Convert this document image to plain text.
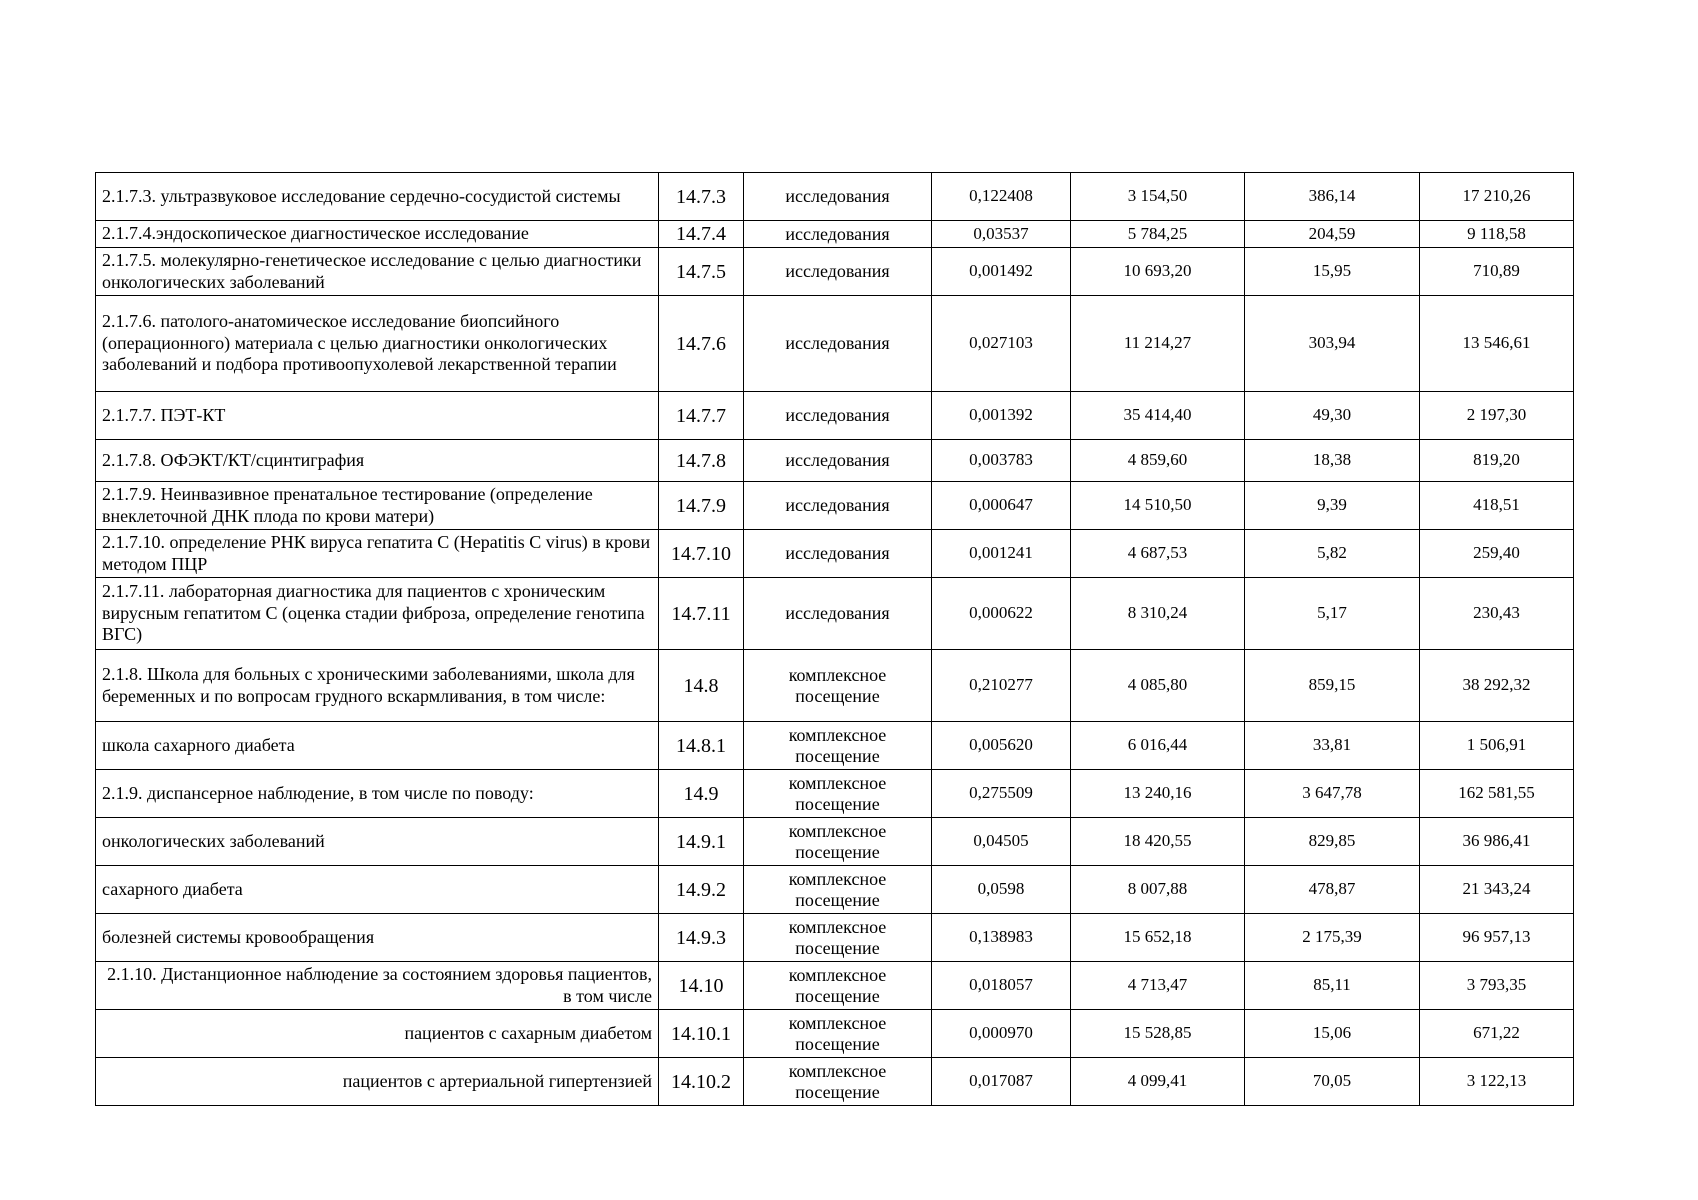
2.1.7.3. ультразвуковое исследование сердечно-сосудистой системы	14.7.3	исследования	0,122408	3 154,50	386,14	17 210,26
2.1.7.4.эндоскопическое диагностическое исследование	14.7.4	исследования	0,03537	5 784,25	204,59	9 118,58
2.1.7.5. молекулярно-генетическое исследование с целью диагностики онкологических заболеваний	14.7.5	исследования	0,001492	10 693,20	15,95	710,89
2.1.7.6. патолого-анатомическое исследование биопсийного (операционного) материала с целью диагностики онкологических заболеваний и подбора противоопухолевой лекарственной терапии	14.7.6	исследования	0,027103	11 214,27	303,94	13 546,61
2.1.7.7. ПЭТ-КТ	14.7.7	исследования	0,001392	35 414,40	49,30	2 197,30
2.1.7.8. ОФЭКТ/КТ/сцинтиграфия	14.7.8	исследования	0,003783	4 859,60	18,38	819,20
2.1.7.9. Неинвазивное пренатальное тестирование (определение внеклеточной ДНК плода по крови матери)	14.7.9	исследования	0,000647	14 510,50	9,39	418,51
2.1.7.10. определение РНК вируса гепатита С (Hepatitis С virus) в крови методом ПЦР	14.7.10	исследования	0,001241	4 687,53	5,82	259,40
2.1.7.11. лабораторная диагностика для пациентов с хроническим вирусным гепатитом С (оценка стадии фиброза, определение генотипа ВГС)	14.7.11	исследования	0,000622	8 310,24	5,17	230,43
2.1.8. Школа для больных с хроническими заболеваниями, школа для беременных и по вопросам грудного вскармливания, в том числе:	14.8	комплексное посещение	0,210277	4 085,80	859,15	38 292,32
школа сахарного диабета	14.8.1	комплексное посещение	0,005620	6 016,44	33,81	1 506,91
2.1.9. диспансерное наблюдение, в том числе по поводу:	14.9	комплексное посещение	0,275509	13 240,16	3 647,78	162 581,55
онкологических заболеваний	14.9.1	комплексное посещение	0,04505	18 420,55	829,85	36 986,41
сахарного диабета	14.9.2	комплексное посещение	0,0598	8 007,88	478,87	21 343,24
болезней системы кровообращения	14.9.3	комплексное посещение	0,138983	15 652,18	2 175,39	96 957,13
2.1.10. Дистанционное наблюдение за состоянием здоровья пациентов, в том числе	14.10	комплексное посещение	0,018057	4 713,47	85,11	3 793,35
пациентов с сахарным диабетом	14.10.1	комплексное посещение	0,000970	15 528,85	15,06	671,22
пациентов с артериальной гипертензией	14.10.2	комплексное посещение	0,017087	4 099,41	70,05	3 122,13
